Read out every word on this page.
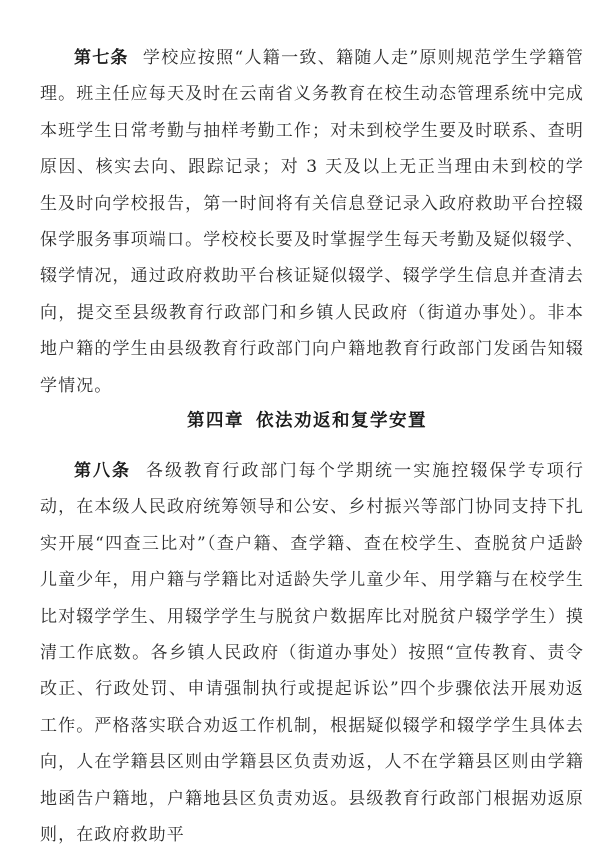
第七条 学校应按照“人籍一致、籍随人走”原则规范学生学籍管理。班主任应每天及时在云南省义务教育在校生动态管理系统中完成本班学生日常考勤与抽样考勤工作；对未到校学生要及时联系、查明原因、核实去向、跟踪记录；对 3 天及以上无正当理由未到校的学生及时向学校报告，第一时间将有关信息登记录入政府救助平台控辍保学服务事项端口。学校校长要及时掌握学生每天考勤及疑似辍学、辍学情况，通过政府救助平台核证疑似辍学、辍学学生信息并查清去向，提交至县级教育行政部门和乡镇人民政府（街道办事处）。非本地户籍的学生由县级教育行政部门向户籍地教育行政部门发函告知辍学情况。

第四章 依法劝返和复学安置

第八条 各级教育行政部门每个学期统一实施控辍保学专项行动，在本级人民政府统筹领导和公安、乡村振兴等部门协同支持下扎实开展“四查三比对”（查户籍、查学籍、查在校学生、查脱贫户适龄儿童少年，用户籍与学籍比对适龄失学儿童少年、用学籍与在校学生比对辍学学生、用辍学学生与脱贫户数据库比对脱贫户辍学学生）摸清工作底数。各乡镇人民政府（街道办事处）按照“宣传教育、责令改正、行政处罚、申请强制执行或提起诉讼”四个步骤依法开展劝返工作。严格落实联合劝返工作机制，根据疑似辍学和辍学学生具体去向，人在学籍县区则由学籍县区负责劝返，人不在学籍县区则由学籍地函告户籍地，户籍地县区负责劝返。县级教育行政部门根据劝返原则，在政府救助平
